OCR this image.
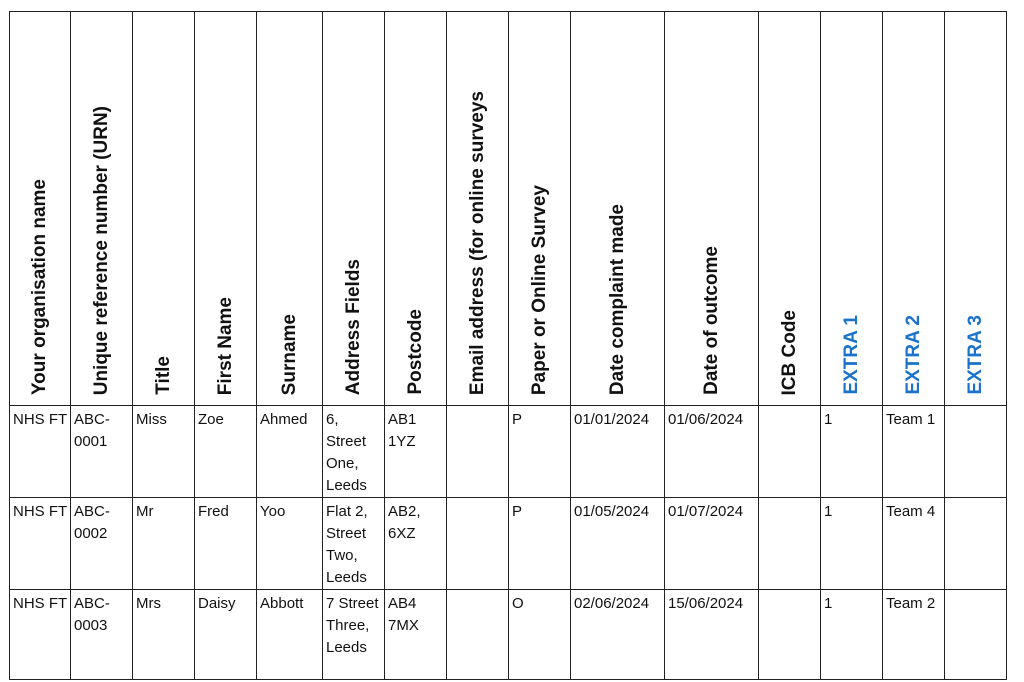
Your organisation name	Unique reference number (URN)	Title	First Name	Surname	Address Fields	Postcode	Email address (for online surveys	Paper or Online Survey	Date complaint made	Date of outcome	ICB Code	EXTRA 1	EXTRA 2	EXTRA 3

NHS FT	ABC-0001	Miss	Zoe	Ahmed	6, Street One, Leeds	AB1 1YZ		P	01/01/2024	01/06/2024		1	Team 1	
NHS FT	ABC-0002	Mr	Fred	Yoo	Flat 2, Street Two, Leeds	AB2, 6XZ		P	01/05/2024	01/07/2024		1	Team 4	
NHS FT	ABC-0003	Mrs	Daisy	Abbott	7 Street Three, Leeds	AB4 7MX		O	02/06/2024	15/06/2024		1	Team 2	
